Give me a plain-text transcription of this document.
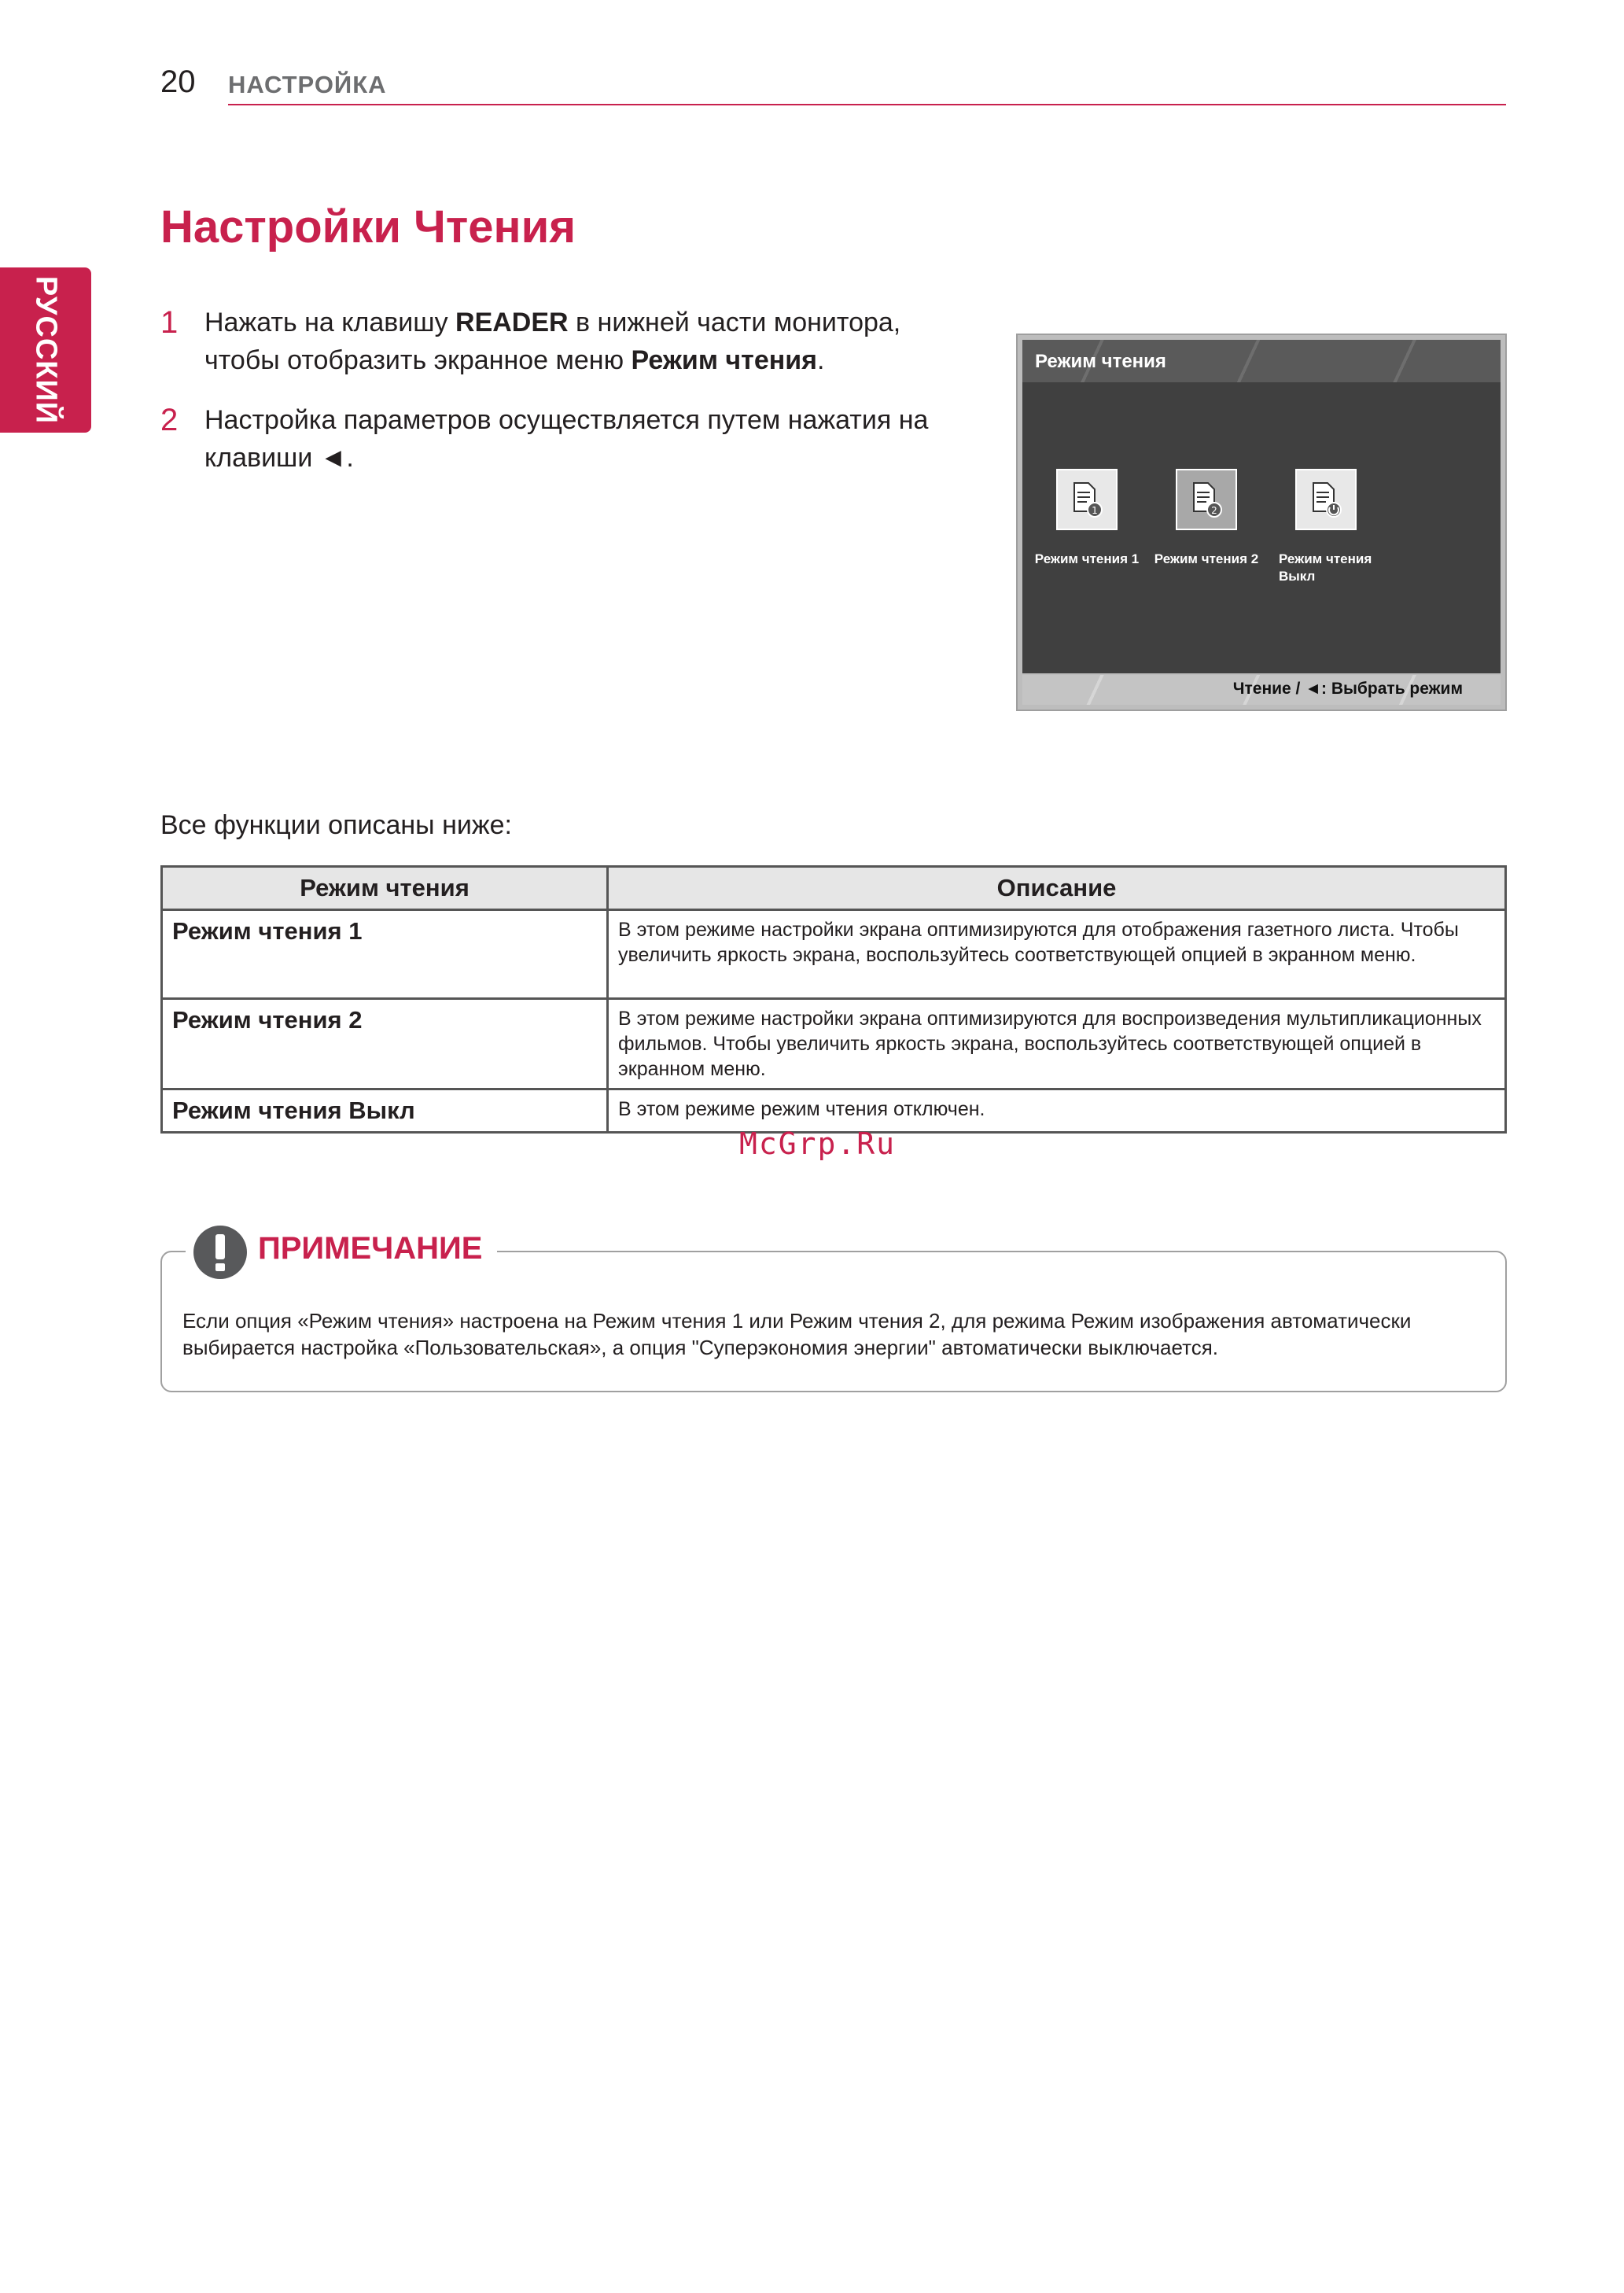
20 НАСТРОЙКА
РУССКИЙ
Настройки Чтения
1 Нажать на клавишу READER в нижней части монитора, чтобы отобразить экранное меню Режим чтения.
2 Настройка параметров осуществляется путем нажатия на клавиши ◄.
Режим чтения
1
Режим чтения 1
2
Режим чтения 2	Режим чтения Выкл
Чтение / ◄: Выбрать режим
Все функции описаны ниже:
Режим чтения	Описание
Режим чтения 1	В этом режиме настройки экрана оптимизируются для отображения газетного листа. Чтобы увеличить яркость экрана, воспользуйтесь соответствующей опцией в экранном меню.
Режим чтения 2	В этом режиме настройки экрана оптимизируются для воспроизведения мультипликационных фильмов. Чтобы увеличить яркость экрана, воспользуйтесь соответствующей опцией в экранном меню.
Режим чтения Выкл	В этом режиме режим чтения отключен.
McGrp.Ru
ПРИМЕЧАНИЕ
Если опция «Режим чтения» настроена на Режим чтения 1 или Режим чтения 2, для режима Режим изображения автоматически выбирается настройка «Пользовательская», а опция "Суперэкономия энергии" автоматически выключается.
